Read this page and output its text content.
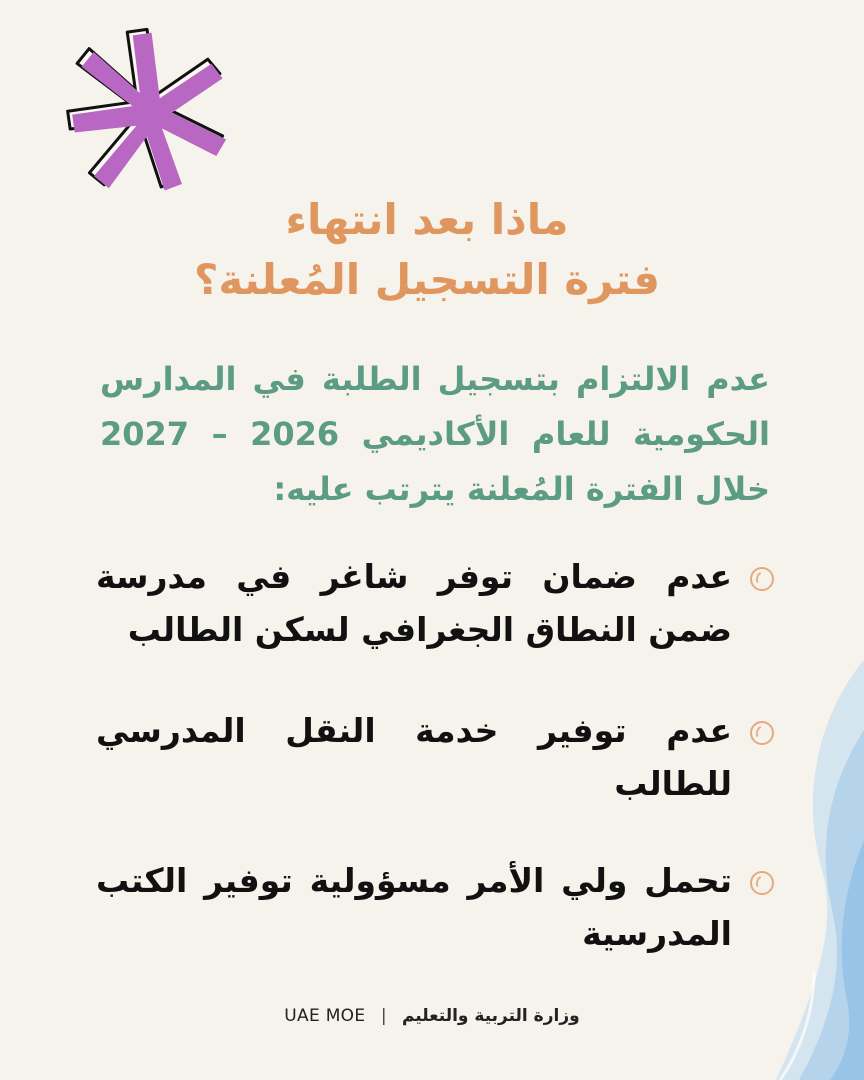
ماذا بعد انتهاء
فترة التسجيل المُعلنة؟
عدم الالتزام بتسجيل الطلبة في المدارس الحكومية للعام الأكاديمي 2026 – 2027 خلال الفترة المُعلنة يترتب عليه:
عدم ضمان توفر شاغر في مدرسة ضمن النطاق الجغرافي لسكن الطالب
عدم توفير خدمة النقل المدرسي للطالب
تحمل ولي الأمر مسؤولية توفير الكتب المدرسية
UAE MOE | وزارة التربية والتعليم
